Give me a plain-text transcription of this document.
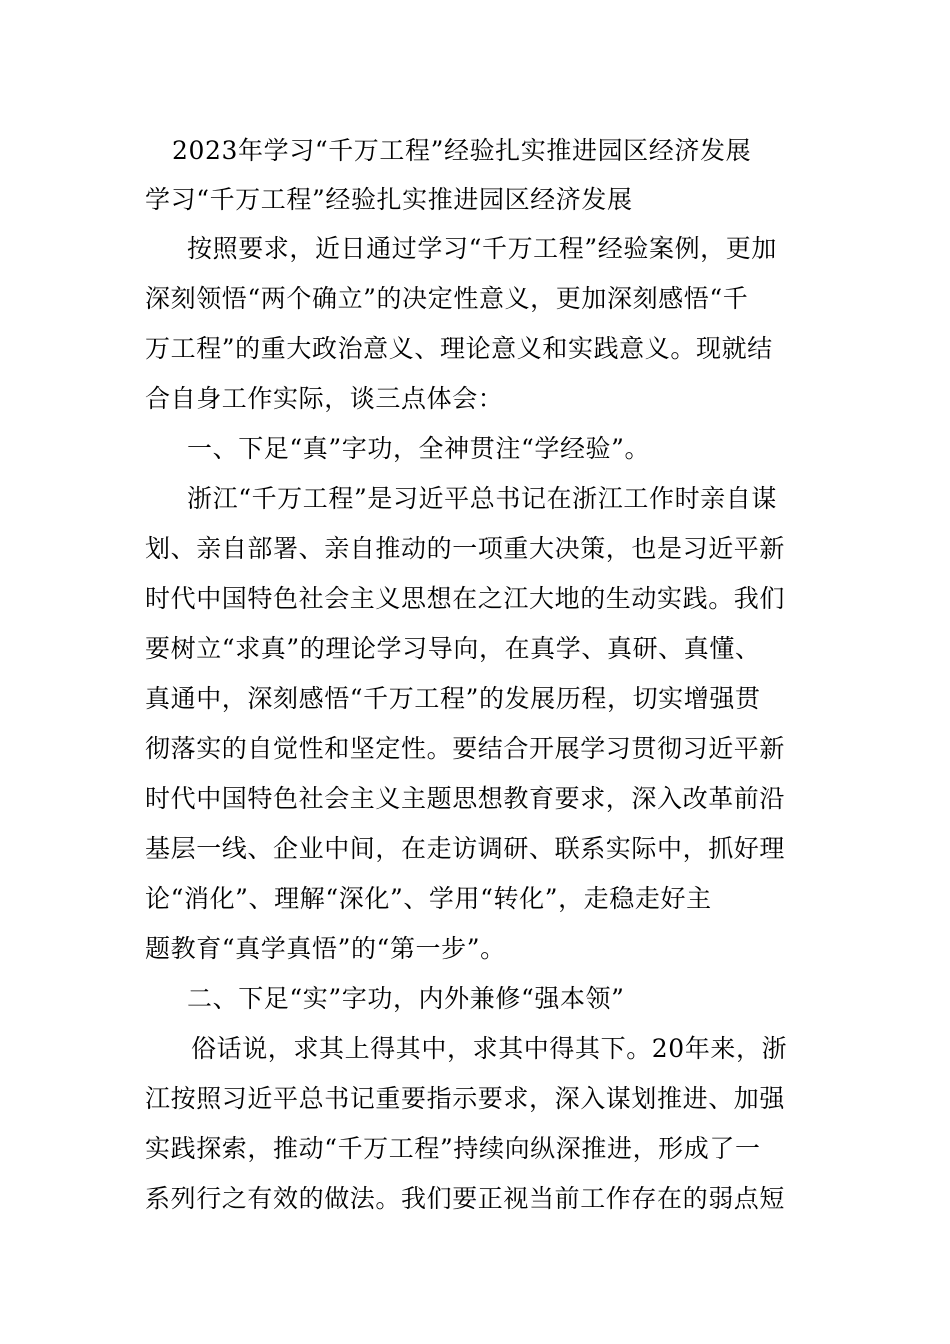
2023年学习“千万工程”经验扎实推进园区经济发展
学习“千万工程”经验扎实推进园区经济发展
按照要求，近日通过学习“千万工程”经验案例，更加
深刻领悟“两个确立”的决定性意义，更加深刻感悟“千
万工程”的重大政治意义、理论意义和实践意义。现就结
合自身工作实际，谈三点体会：
一、下足“真”字功，全神贯注“学经验”。
浙江“千万工程”是习近平总书记在浙江工作时亲自谋
划、亲自部署、亲自推动的一项重大决策，也是习近平新
时代中国特色社会主义思想在之江大地的生动实践。我们
要树立“求真”的理论学习导向，在真学、真研、真懂、
真通中，深刻感悟“千万工程”的发展历程，切实增强贯
彻落实的自觉性和坚定性。要结合开展学习贯彻习近平新
时代中国特色社会主义主题思想教育要求，深入改革前沿
基层一线、企业中间，在走访调研、联系实际中，抓好理
论“消化”、理解“深化”、学用“转化”，走稳走好主
题教育“真学真悟”的“第一步”。
二、下足“实”字功，内外兼修“强本领”
俗话说，求其上得其中，求其中得其下。20年来，浙
江按照习近平总书记重要指示要求，深入谋划推进、加强
实践探索，推动“千万工程”持续向纵深推进，形成了一
系列行之有效的做法。我们要正视当前工作存在的弱点短
